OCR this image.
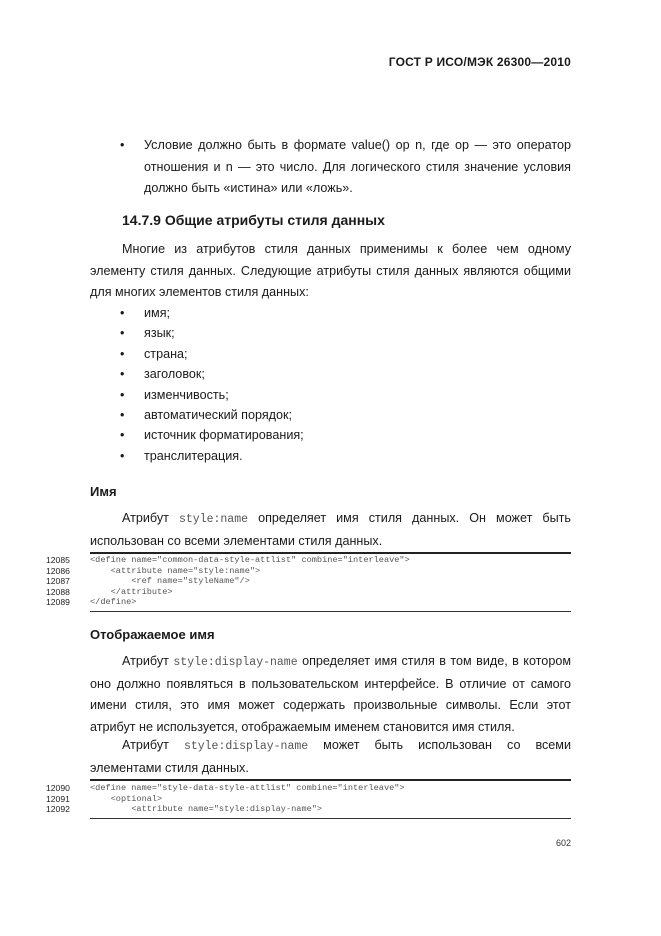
ГОСТ Р ИСО/МЭК 26300—2010
• Условие должно быть в формате value() op n, где op — это оператор отношения и n — это число. Для логического стиля значение условия должно быть «истина» или «ложь».
14.7.9 Общие атрибуты стиля данных
Многие из атрибутов стиля данных применимы к более чем одному элементу стиля данных. Следующие атрибуты стиля данных являются общими для многих элементов стиля данных:
• имя;
• язык;
• страна;
• заголовок;
• изменчивость;
• автоматический порядок;
• источник форматирования;
• транслитерация.
Имя
Атрибут style:name определяет имя стиля данных. Он может быть использован со всеми элементами стиля данных.
12085 <define name="common-data-style-attlist" combine="interleave">
12086 <attribute name="style:name">
12087 <ref name="styleName"/>
12088 </attribute>
12089 </define>
Отображаемое имя
Атрибут style:display-name определяет имя стиля в том виде, в котором оно должно появляться в пользовательском интерфейсе. В отличие от самого имени стиля, это имя может содержать произвольные символы. Если этот атрибут не используется, отображаемым именем становится имя стиля.
Атрибут style:display-name может быть использован со всеми элементами стиля данных.
12090 <define name="style-data-style-attlist" combine="interleave">
12091 <optional>
12092 <attribute name="style:display-name">
602
